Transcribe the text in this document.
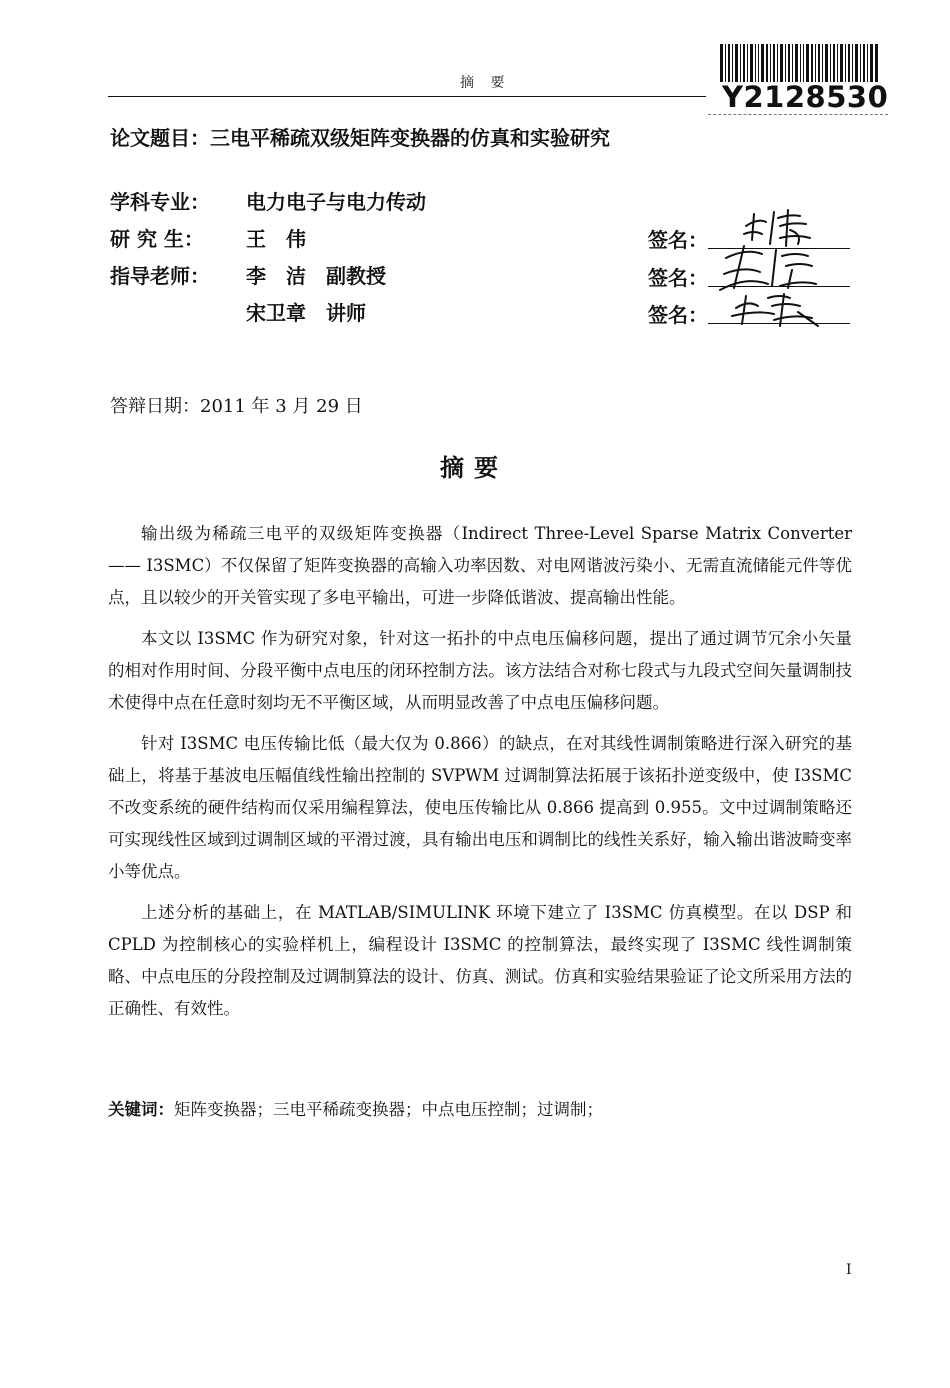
摘 要	Y2128530
论文题目：三电平稀疏双级矩阵变换器的仿真和实验研究
学科专业： 电力电子与电力传动
研 究 生： 王　伟
指导老师： 李　洁　副教授
宋卫章　讲师
签名：
签名：
签名：
答辩日期：2011 年 3 月 29 日
摘要

输出级为稀疏三电平的双级矩阵变换器（Indirect Three-Level Sparse Matrix Converter —— I3SMC）不仅保留了矩阵变换器的高输入功率因数、对电网谐波污染小、无需直流储能元件等优点，且以较少的开关管实现了多电平输出，可进一步降低谐波、提高输出性能。

本文以 I3SMC 作为研究对象，针对这一拓扑的中点电压偏移问题，提出了通过调节冗余小矢量的相对作用时间、分段平衡中点电压的闭环控制方法。该方法结合对称七段式与九段式空间矢量调制技术使得中点在任意时刻均无不平衡区域，从而明显改善了中点电压偏移问题。

针对 I3SMC 电压传输比低（最大仅为 0.866）的缺点，在对其线性调制策略进行深入研究的基础上，将基于基波电压幅值线性输出控制的 SVPWM 过调制算法拓展于该拓扑逆变级中，使 I3SMC 不改变系统的硬件结构而仅采用编程算法，使电压传输比从 0.866 提高到 0.955。文中过调制策略还可实现线性区域到过调制区域的平滑过渡，具有输出电压和调制比的线性关系好，输入输出谐波畸变率小等优点。

上述分析的基础上，在 MATLAB/SIMULINK 环境下建立了 I3SMC 仿真模型。在以 DSP 和 CPLD 为控制核心的实验样机上，编程设计 I3SMC 的控制算法，最终实现了 I3SMC 线性调制策略、中点电压的分段控制及过调制算法的设计、仿真、测试。仿真和实验结果验证了论文所采用方法的正确性、有效性。

关键词：矩阵变换器；三电平稀疏变换器；中点电压控制；过调制；
I
